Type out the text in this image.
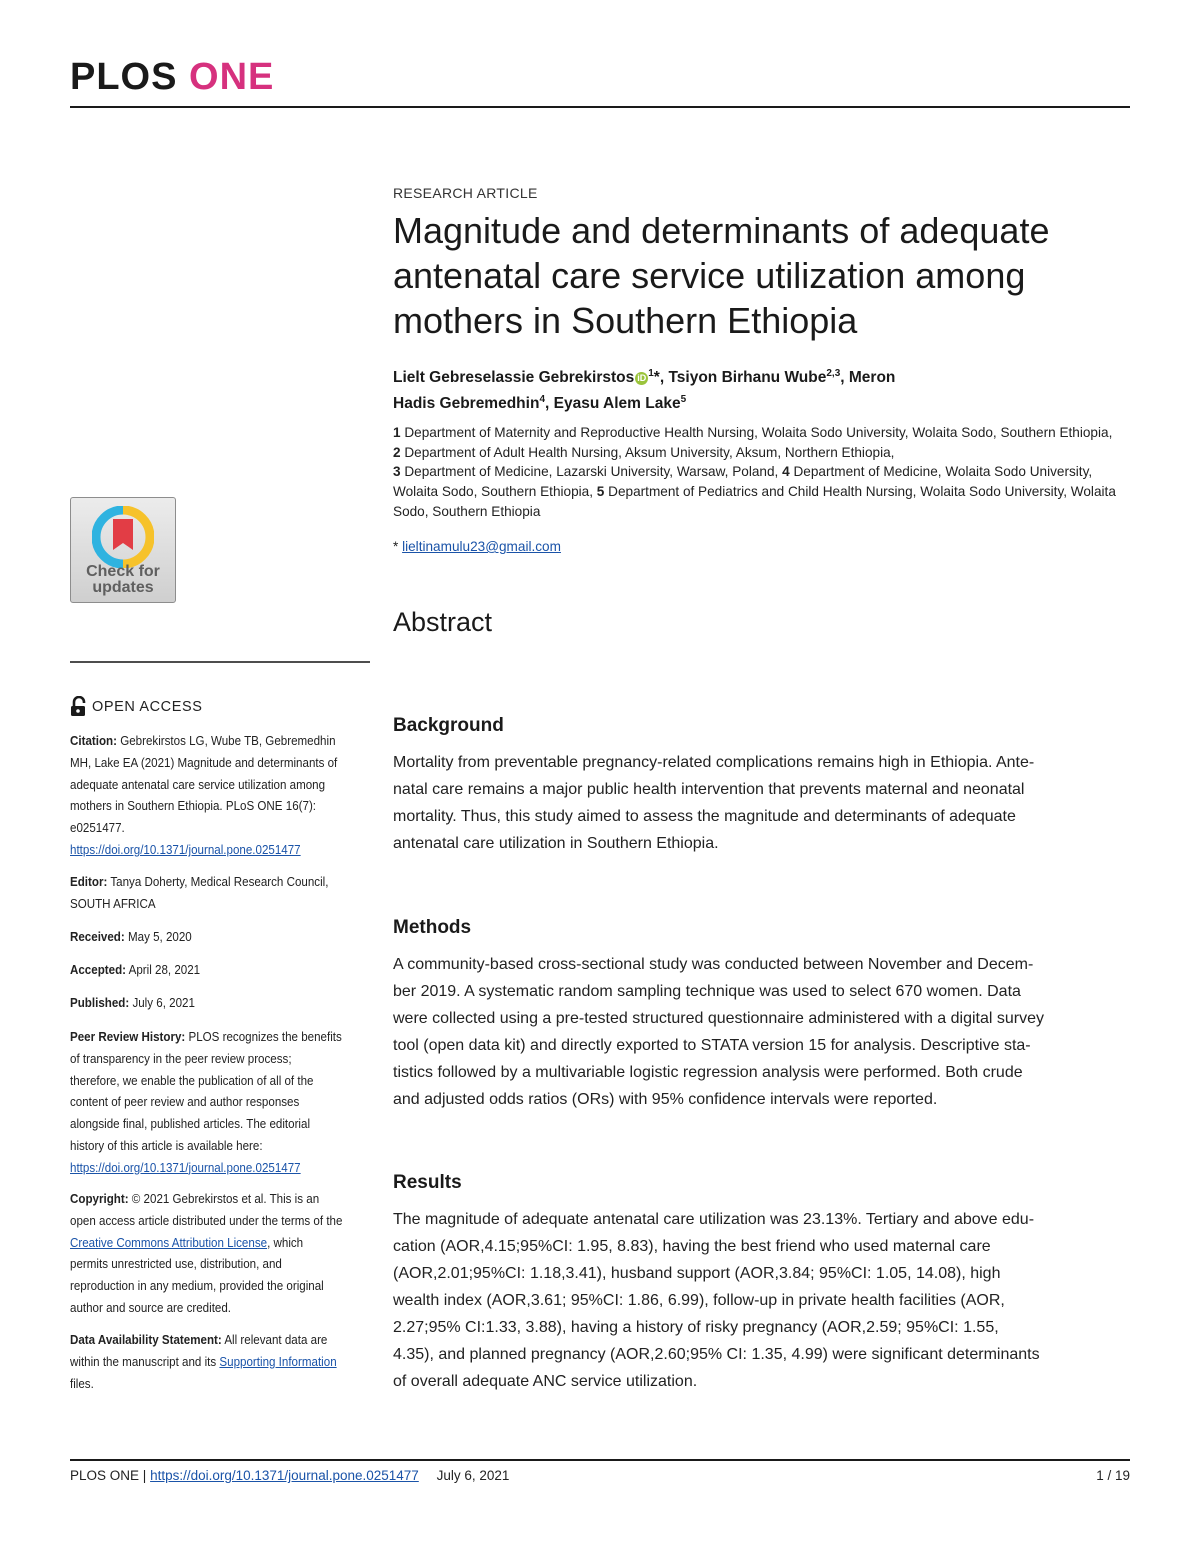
PLOS ONE
Check for
updates
OPEN ACCESS
Citation: Gebrekirstos LG, Wube TB, Gebremedhin MH, Lake EA (2021) Magnitude and determinants of adequate antenatal care service utilization among mothers in Southern Ethiopia. PLoS ONE 16(7): e0251477. https://doi.org/10.1371/journal.pone.0251477
Editor: Tanya Doherty, Medical Research Council, SOUTH AFRICA
Received: May 5, 2020
Accepted: April 28, 2021
Published: July 6, 2021
Peer Review History: PLOS recognizes the benefits of transparency in the peer review process; therefore, we enable the publication of all of the content of peer review and author responses alongside final, published articles. The editorial history of this article is available here: https://doi.org/10.1371/journal.pone.0251477
Copyright: © 2021 Gebrekirstos et al. This is an open access article distributed under the terms of the Creative Commons Attribution License, which permits unrestricted use, distribution, and reproduction in any medium, provided the original author and source are credited.
Data Availability Statement: All relevant data are within the manuscript and its Supporting Information files.
RESEARCH ARTICLE
Magnitude and determinants of adequate
antenatal care service utilization among
mothers in Southern Ethiopia
Lielt Gebreselassie Gebrekirstos iD $^1$*, Tsiyon Birhanu Wube$^{2,3}$, Meron
Hadis Gebremedhin$^4$, Eyasu Alem Lake$^5$
1 Department of Maternity and Reproductive Health Nursing, Wolaita Sodo University, Wolaita Sodo, Southern Ethiopia, 2 Department of Adult Health Nursing, Aksum University, Aksum, Northern Ethiopia,
3 Department of Medicine, Lazarski University, Warsaw, Poland, 4 Department of Medicine, Wolaita Sodo University, Wolaita Sodo, Southern Ethiopia, 5 Department of Pediatrics and Child Health Nursing, Wolaita Sodo University, Wolaita Sodo, Southern Ethiopia
* lieltinamulu23@gmail.com
Abstract
Background
Mortality from preventable pregnancy-related complications remains high in Ethiopia. Ante-
natal care remains a major public health intervention that prevents maternal and neonatal
mortality. Thus, this study aimed to assess the magnitude and determinants of adequate
antenatal care utilization in Southern Ethiopia.
Methods
A community-based cross-sectional study was conducted between November and Decem-
ber 2019. A systematic random sampling technique was used to select 670 women. Data
were collected using a pre-tested structured questionnaire administered with a digital survey
tool (open data kit) and directly exported to STATA version 15 for analysis. Descriptive sta-
tistics followed by a multivariable logistic regression analysis were performed. Both crude
and adjusted odds ratios (ORs) with 95% confidence intervals were reported.
Results
The magnitude of adequate antenatal care utilization was 23.13%. Tertiary and above edu-
cation (AOR,4.15;95%CI: 1.95, 8.83), having the best friend who used maternal care
(AOR,2.01;95%CI: 1.18,3.41), husband support (AOR,3.84; 95%CI: 1.05, 14.08), high
wealth index (AOR,3.61; 95%CI: 1.86, 6.99), follow-up in private health facilities (AOR,
2.27;95% CI:1.33, 3.88), having a history of risky pregnancy (AOR,2.59; 95%CI: 1.55,
4.35), and planned pregnancy (AOR,2.60;95% CI: 1.35, 4.99) were significant determinants
of overall adequate ANC service utilization.
PLOS ONE | https://doi.org/10.1371/journal.pone.0251477 July 6, 2021	1 / 19
